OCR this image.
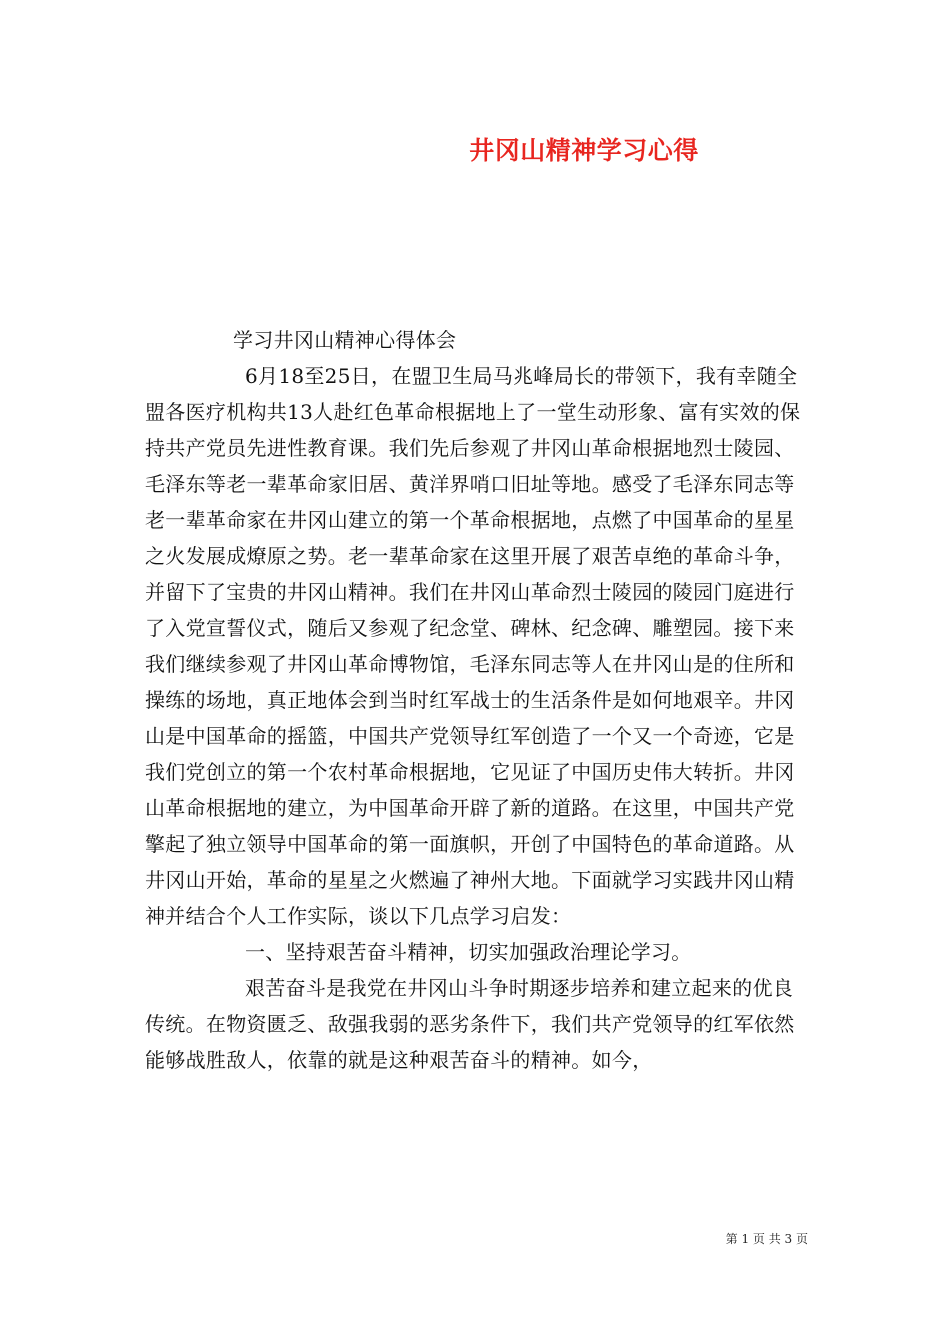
井冈山精神学习心得

学习井冈山精神心得体会

6月18至25日，在盟卫生局马兆峰局长的带领下，我有幸随全盟各医疗机构共13人赴红色革命根据地上了一堂生动形象、富有实效的保持共产党员先进性教育课。我们先后参观了井冈山革命根据地烈士陵园、毛泽东等老一辈革命家旧居、黄洋界哨口旧址等地。感受了毛泽东同志等老一辈革命家在井冈山建立的第一个革命根据地，点燃了中国革命的星星之火发展成燎原之势。老一辈革命家在这里开展了艰苦卓绝的革命斗争，并留下了宝贵的井冈山精神。我们在井冈山革命烈士陵园的陵园门庭进行了入党宣誓仪式，随后又参观了纪念堂、碑林、纪念碑、雕塑园。接下来我们继续参观了井冈山革命博物馆，毛泽东同志等人在井冈山是的住所和操练的场地，真正地体会到当时红军战士的生活条件是如何地艰辛。井冈山是中国革命的摇篮，中国共产党领导红军创造了一个又一个奇迹，它是我们党创立的第一个农村革命根据地，它见证了中国历史伟大转折。井冈山革命根据地的建立，为中国革命开辟了新的道路。在这里，中国共产党擎起了独立领导中国革命的第一面旗帜，开创了中国特色的革命道路。从井冈山开始，革命的星星之火燃遍了神州大地。下面就学习实践井冈山精神并结合个人工作实际，谈以下几点学习启发：

一、坚持艰苦奋斗精神，切实加强政治理论学习。

艰苦奋斗是我党在井冈山斗争时期逐步培养和建立起来的优良传统。在物资匮乏、敌强我弱的恶劣条件下，我们共产党领导的红军依然能够战胜敌人，依靠的就是这种艰苦奋斗的精神。如今，

第 1 页 共 3 页
